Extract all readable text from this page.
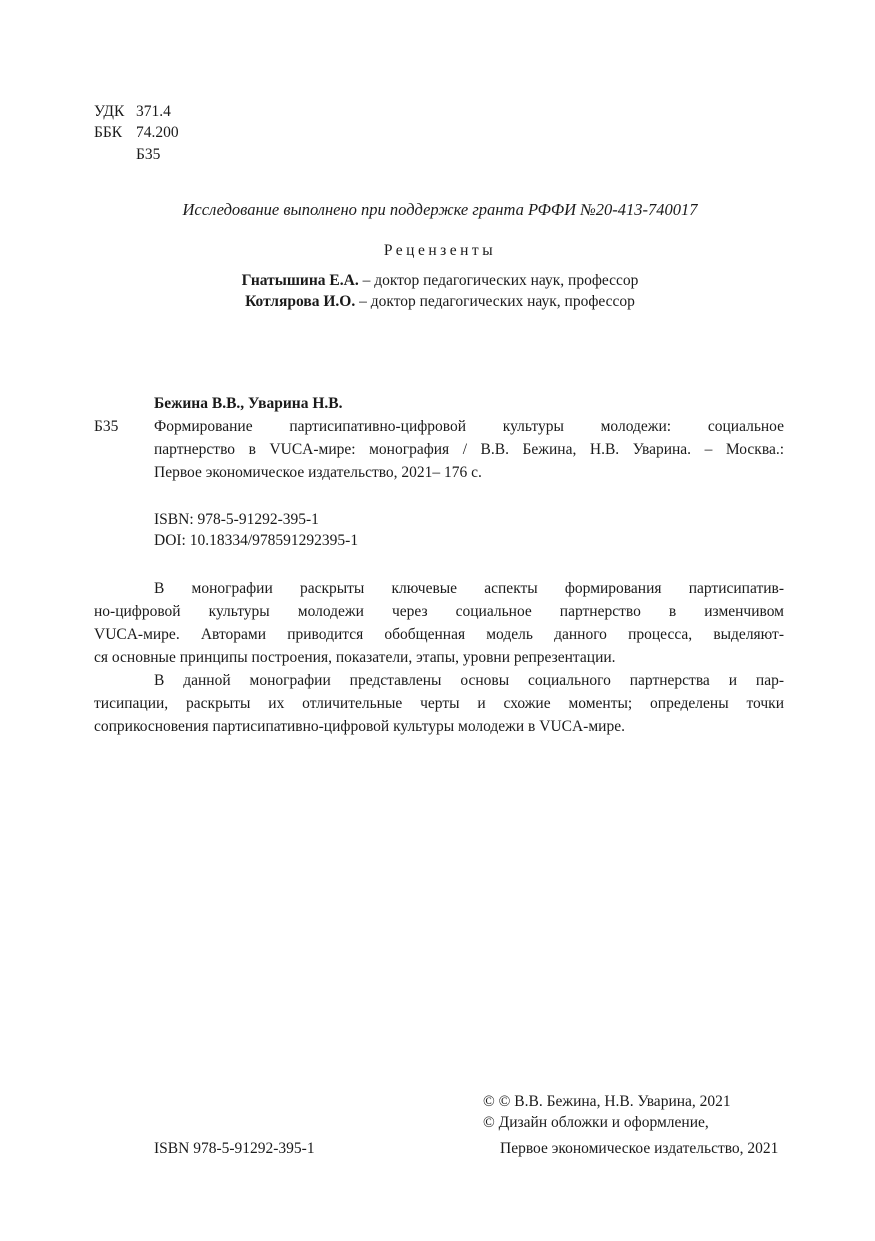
УДК 371.4
ББК 74.200
Б35
Исследование выполнено при поддержке гранта РФФИ №20-413-740017
Рецензенты
Гнатышина Е.А. – доктор педагогических наук, профессор
Котлярова И.О. – доктор педагогических наук, профессор
Бежина В.В., Уварина Н.В.
Б35 Формирование партисипативно-цифровой культуры молодежи: социальное
партнерство в VUCA-мире: монография / В.В. Бежина, Н.В. Уварина. – Москва.:
Первое экономическое издательство, 2021– 176 с.
ISBN: 978-5-91292-395-1
DOI: 10.18334/978591292395-1
В монографии раскрыты ключевые аспекты формирования партисипатив-
но-цифровой культуры молодежи через социальное партнерство в изменчивом
VUCA-мире. Авторами приводится обобщенная модель данного процесса, выделяют-
ся основные принципы построения, показатели, этапы, уровни репрезентации.
В данной монографии представлены основы социального партнерства и пар-
тисипации, раскрыты их отличительные черты и схожие моменты; определены точки
соприкосновения партисипативно-цифровой культуры молодежи в VUCA-мире.
© © В.В. Бежина, Н.В. Уварина, 2021
© Дизайн обложки и оформление,
ISBN 978-5-91292-395-1	Первое экономическое издательство, 2021
